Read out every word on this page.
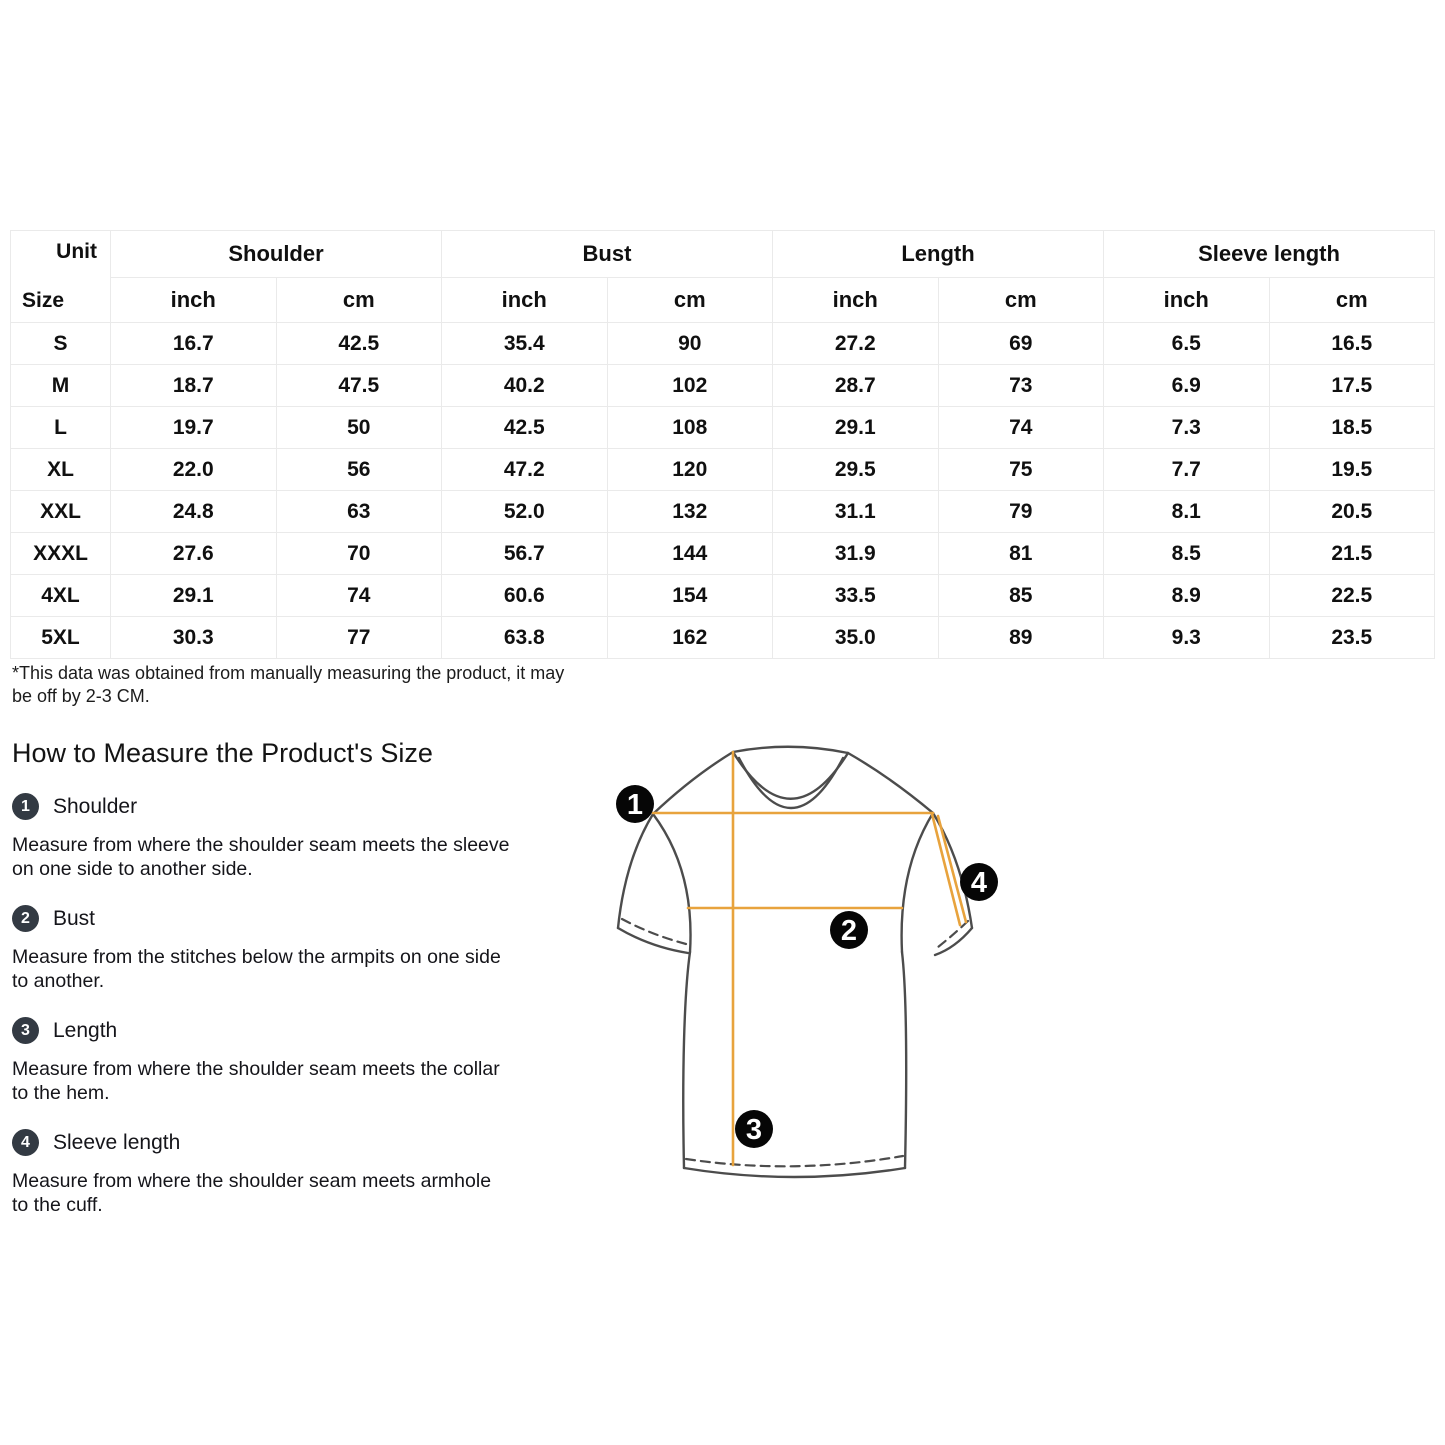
Unit
Size
Shoulder	Bust	Length	Sleeve length
inch	cm	inch	cm	inch	cm	inch	cm
S	16.7	42.5	35.4	90	27.2	69	6.5	16.5
M	18.7	47.5	40.2	102	28.7	73	6.9	17.5
L	19.7	50	42.5	108	29.1	74	7.3	18.5
XL	22.0	56	47.2	120	29.5	75	7.7	19.5
XXL	24.8	63	52.0	132	31.1	79	8.1	20.5
XXXL	27.6	70	56.7	144	31.9	81	8.5	21.5
4XL	29.1	74	60.6	154	33.5	85	8.9	22.5
5XL	30.3	77	63.8	162	35.0	89	9.3	23.5
*This data was obtained from manually measuring the product, it may be off by 2-3 CM.
How to Measure the Product's Size
1	Shoulder
Measure from where the shoulder seam meets the sleeve on one side to another side.
2	Bust
Measure from the stitches below the armpits on one side to another.
3	Length
Measure from where the shoulder seam meets the collar to the hem.
4	Sleeve length
Measure from where the shoulder seam meets armhole to the cuff.
1
2
3
4
